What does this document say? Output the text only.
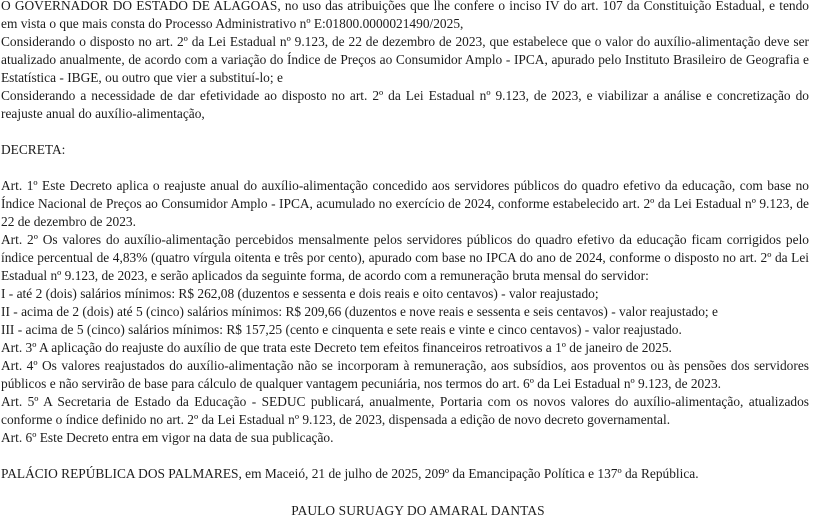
O GOVERNADOR DO ESTADO DE ALAGOAS, no uso das atribuições que lhe confere o inciso IV do art. 107 da Constituição Estadual, e tendo em vista o que mais consta do Processo Administrativo nº E:01800.0000021490/2025,

Considerando o disposto no art. 2º da Lei Estadual nº 9.123, de 22 de dezembro de 2023, que estabelece que o valor do auxílio-alimentação deve ser atualizado anualmente, de acordo com a variação do Índice de Preços ao Consumidor Amplo - IPCA, apurado pelo Instituto Brasileiro de Geografia e Estatística - IBGE, ou outro que vier a substituí-lo; e

Considerando a necessidade de dar efetividade ao disposto no art. 2º da Lei Estadual nº 9.123, de 2023, e viabilizar a análise e concretização do reajuste anual do auxílio-alimentação,

DECRETA:

Art. 1º Este Decreto aplica o reajuste anual do auxílio-alimentação concedido aos servidores públicos do quadro efetivo da educação, com base no Índice Nacional de Preços ao Consumidor Amplo - IPCA, acumulado no exercício de 2024, conforme estabelecido art. 2º da Lei Estadual nº 9.123, de 22 de dezembro de 2023.

Art. 2º Os valores do auxílio-alimentação percebidos mensalmente pelos servidores públicos do quadro efetivo da educação ficam corrigidos pelo índice percentual de 4,83% (quatro vírgula oitenta e três por cento), apurado com base no IPCA do ano de 2024, conforme o disposto no art. 2º da Lei Estadual nº 9.123, de 2023, e serão aplicados da seguinte forma, de acordo com a remuneração bruta mensal do servidor:

I - até 2 (dois) salários mínimos: R$ 262,08 (duzentos e sessenta e dois reais e oito centavos) - valor reajustado;

II - acima de 2 (dois) até 5 (cinco) salários mínimos: R$ 209,66 (duzentos e nove reais e sessenta e seis centavos) - valor reajustado; e

III - acima de 5 (cinco) salários mínimos: R$ 157,25 (cento e cinquenta e sete reais e vinte e cinco centavos) - valor reajustado.

Art. 3º A aplicação do reajuste do auxílio de que trata este Decreto tem efeitos financeiros retroativos a 1º de janeiro de 2025.

Art. 4º Os valores reajustados do auxílio-alimentação não se incorporam à remuneração, aos subsídios, aos proventos ou às pensões dos servidores públicos e não servirão de base para cálculo de qualquer vantagem pecuniária, nos termos do art. 6º da Lei Estadual nº 9.123, de 2023.

Art. 5º A Secretaria de Estado da Educação - SEDUC publicará, anualmente, Portaria com os novos valores do auxílio-alimentação, atualizados conforme o índice definido no art. 2º da Lei Estadual nº 9.123, de 2023, dispensada a edição de novo decreto governamental.

Art. 6º Este Decreto entra em vigor na data de sua publicação.

PALÁCIO REPÚBLICA DOS PALMARES, em Maceió, 21 de julho de 2025, 209º da Emancipação Política e 137º da República.

PAULO SURUAGY DO AMARAL DANTAS
